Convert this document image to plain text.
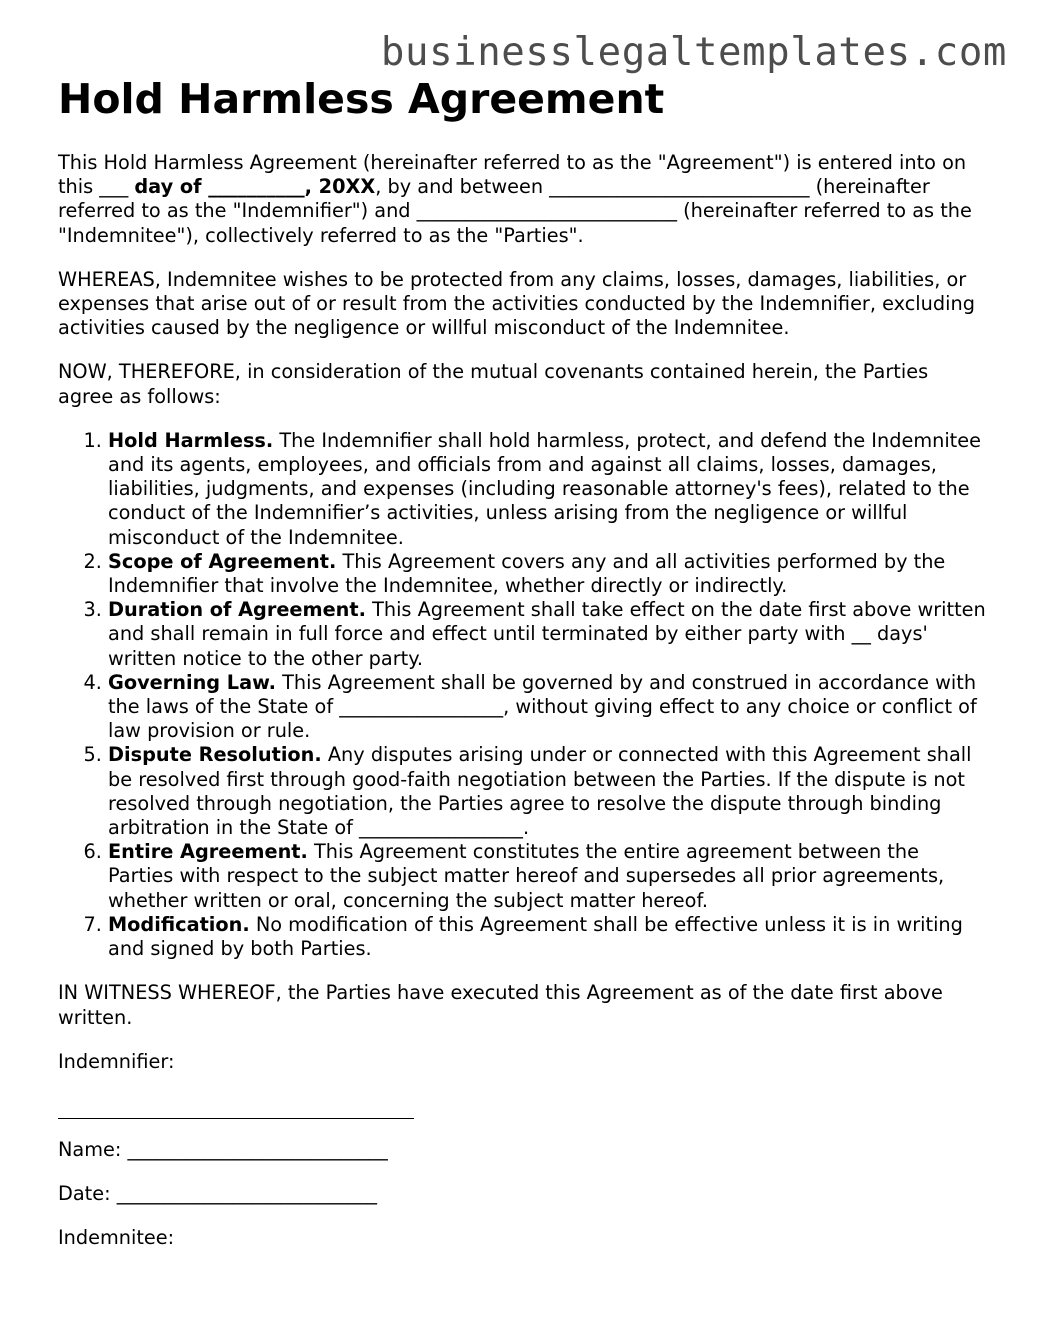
businesslegaltemplates.com
Hold Harmless Agreement

This Hold Harmless Agreement (hereinafter referred to as the "Agreement") is entered into on this ___ day of __________, 20XX, by and between ___________________________ (hereinafter referred to as the "Indemnifier") and ___________________________ (hereinafter referred to as the "Indemnitee"), collectively referred to as the "Parties".

WHEREAS, Indemnitee wishes to be protected from any claims, losses, damages, liabilities, or expenses that arise out of or result from the activities conducted by the Indemnifier, excluding activities caused by the negligence or willful misconduct of the Indemnitee.

NOW, THEREFORE, in consideration of the mutual covenants contained herein, the Parties agree as follows:

1. Hold Harmless. The Indemnifier shall hold harmless, protect, and defend the Indemnitee and its agents, employees, and officials from and against all claims, losses, damages, liabilities, judgments, and expenses (including reasonable attorney's fees), related to the conduct of the Indemnifier’s activities, unless arising from the negligence or willful misconduct of the Indemnitee.
2. Scope of Agreement. This Agreement covers any and all activities performed by the Indemnifier that involve the Indemnitee, whether directly or indirectly.
3. Duration of Agreement. This Agreement shall take effect on the date first above written and shall remain in full force and effect until terminated by either party with __ days' written notice to the other party.
4. Governing Law. This Agreement shall be governed by and construed in accordance with the laws of the State of _________________, without giving effect to any choice or conflict of law provision or rule.
5. Dispute Resolution. Any disputes arising under or connected with this Agreement shall be resolved first through good-faith negotiation between the Parties. If the dispute is not resolved through negotiation, the Parties agree to resolve the dispute through binding arbitration in the State of _________________.
6. Entire Agreement. This Agreement constitutes the entire agreement between the Parties with respect to the subject matter hereof and supersedes all prior agreements, whether written or oral, concerning the subject matter hereof.
7. Modification. No modification of this Agreement shall be effective unless it is in writing and signed by both Parties.

IN WITNESS WHEREOF, the Parties have executed this Agreement as of the date first above written.

Indemnifier:

Name: ___________________________

Date: ___________________________

Indemnitee:
